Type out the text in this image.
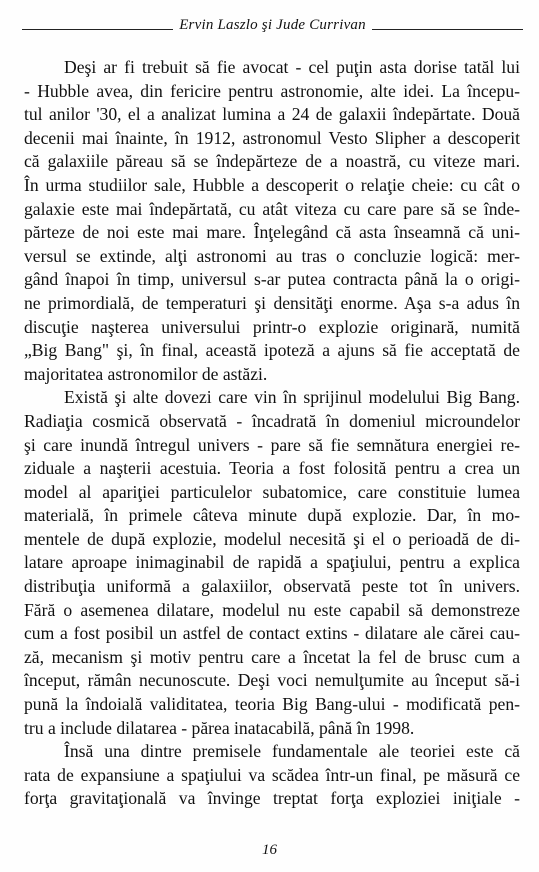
Ervin Laszlo şi Jude Currivan
Deşi ar fi trebuit să fie avocat - cel puţin asta dorise tatăl lui
- Hubble avea, din fericire pentru astronomie, alte idei. La începu-
tul anilor '30, el a analizat lumina a 24 de galaxii îndepărtate. Două
decenii mai înainte, în 1912, astronomul Vesto Slipher a descoperit
că galaxiile păreau să se îndepărteze de a noastră, cu viteze mari.
În urma studiilor sale, Hubble a descoperit o relaţie cheie: cu cât o
galaxie este mai îndepărtată, cu atât viteza cu care pare să se înde-
părteze de noi este mai mare. Înţelegând că asta înseamnă că uni-
versul se extinde, alţi astronomi au tras o concluzie logică: mer-
gând înapoi în timp, universul s-ar putea contracta până la o origi-
ne primordială, de temperaturi şi densităţi enorme. Aşa s-a adus în
discuţie naşterea universului printr-o explozie originară, numită
„Big Bang" şi, în final, această ipoteză a ajuns să fie acceptată de
majoritatea astronomilor de astăzi.
Există şi alte dovezi care vin în sprijinul modelului Big Bang.
Radiaţia cosmică observată - încadrată în domeniul microundelor
şi care inundă întregul univers - pare să fie semnătura energiei re-
ziduale a naşterii acestuia. Teoria a fost folosită pentru a crea un
model al apariţiei particulelor subatomice, care constituie lumea
materială, în primele câteva minute după explozie. Dar, în mo-
mentele de după explozie, modelul necesită şi el o perioadă de di-
latare aproape inimaginabil de rapidă a spaţiului, pentru a explica
distribuţia uniformă a galaxiilor, observată peste tot în univers.
Fără o asemenea dilatare, modelul nu este capabil să demonstreze
cum a fost posibil un astfel de contact extins - dilatare ale cărei cau-
ză, mecanism şi motiv pentru care a încetat la fel de brusc cum a
început, rămân necunoscute. Deşi voci nemulţumite au început să-i
pună la îndoială validitatea, teoria Big Bang-ului - modificată pen-
tru a include dilatarea - părea inatacabilă, până în 1998.
Însă una dintre premisele fundamentale ale teoriei este că
rata de expansiune a spaţiului va scădea într-un final, pe măsură ce
forţa gravitaţională va învinge treptat forţa exploziei iniţiale -
16
